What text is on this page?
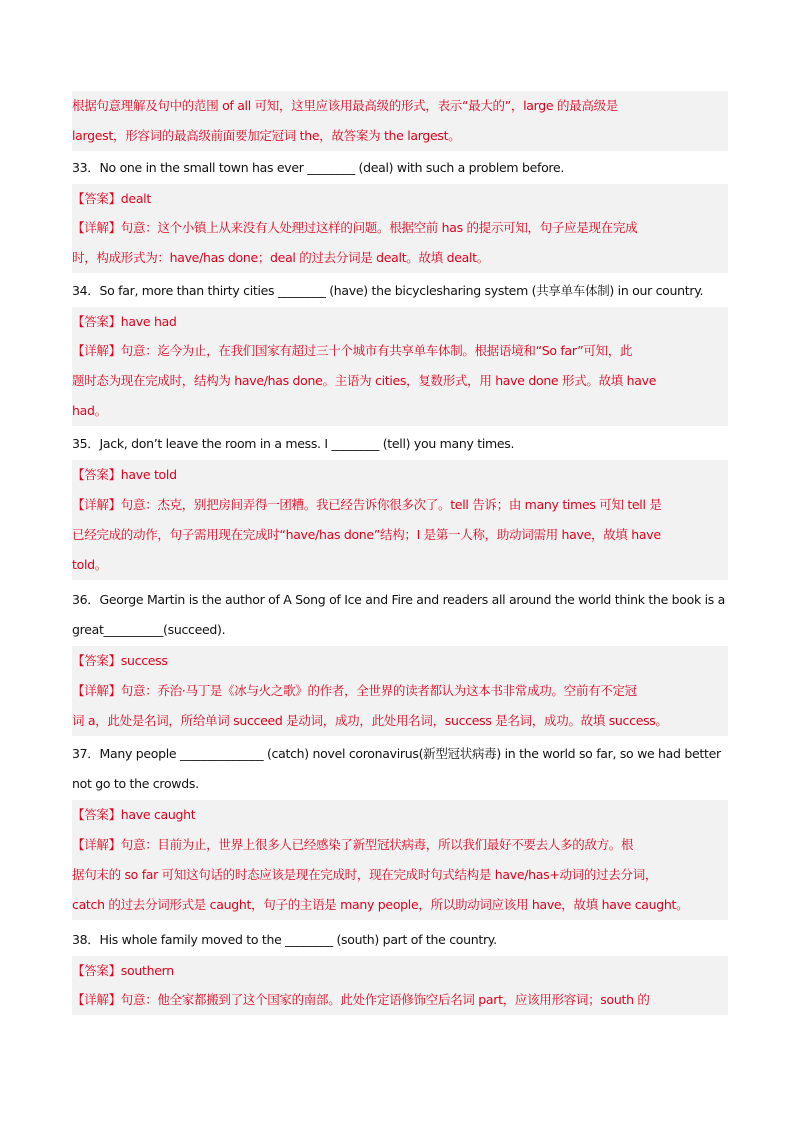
根据句意理解及句中的范围 of all 可知，这里应该用最高级的形式，表示“最大的”，large 的最高级是
largest，形容词的最高级前面要加定冠词 the，故答案为 the largest。
33．No one in the small town has ever ________ (deal) with such a problem before.
【答案】dealt
【详解】句意：这个小镇上从来没有人处理过这样的问题。根据空前 has 的提示可知，句子应是现在完成
时，构成形式为：have/has done；deal 的过去分词是 dealt。故填 dealt。
34．So far, more than thirty cities ________ (have) the bicyclesharing system (共享单车体制) in our country.
【答案】have had
【详解】句意：迄今为止，在我们国家有超过三十个城市有共享单车体制。根据语境和“So far”可知，此
题时态为现在完成时，结构为 have/has done。主语为 cities，复数形式，用 have done 形式。故填 have
had。
35．Jack, don’t leave the room in a mess. I ________ (tell) you many times.
【答案】have told
【详解】句意：杰克，别把房间弄得一团糟。我已经告诉你很多次了。tell 告诉；由 many times 可知 tell 是
已经完成的动作，句子需用现在完成时“have/has done”结构；I 是第一人称，助动词需用 have，故填 have
told。
36．George Martin is the author of A Song of Ice and Fire and readers all around the world think the book is a
great__________(succeed).
【答案】success
【详解】句意：乔治·马丁是《冰与火之歌》的作者，全世界的读者都认为这本书非常成功。空前有不定冠
词 a，此处是名词，所给单词 succeed 是动词，成功，此处用名词，success 是名词，成功。故填 success。
37．Many people ______________ (catch) novel coronavirus(新型冠状病毒) in the world so far, so we had better
not go to the crowds.
【答案】have caught
【详解】句意：目前为止，世界上很多人已经感染了新型冠状病毒，所以我们最好不要去人多的敌方。根
据句末的 so far 可知这句话的时态应该是现在完成时，现在完成时句式结构是 have/has+动词的过去分词，
catch 的过去分词形式是 caught，句子的主语是 many people，所以助动词应该用 have，故填 have caught。
38．His whole family moved to the ________ (south) part of the country.
【答案】southern
【详解】句意：他全家都搬到了这个国家的南部。此处作定语修饰空后名词 part，应该用形容词；south 的
